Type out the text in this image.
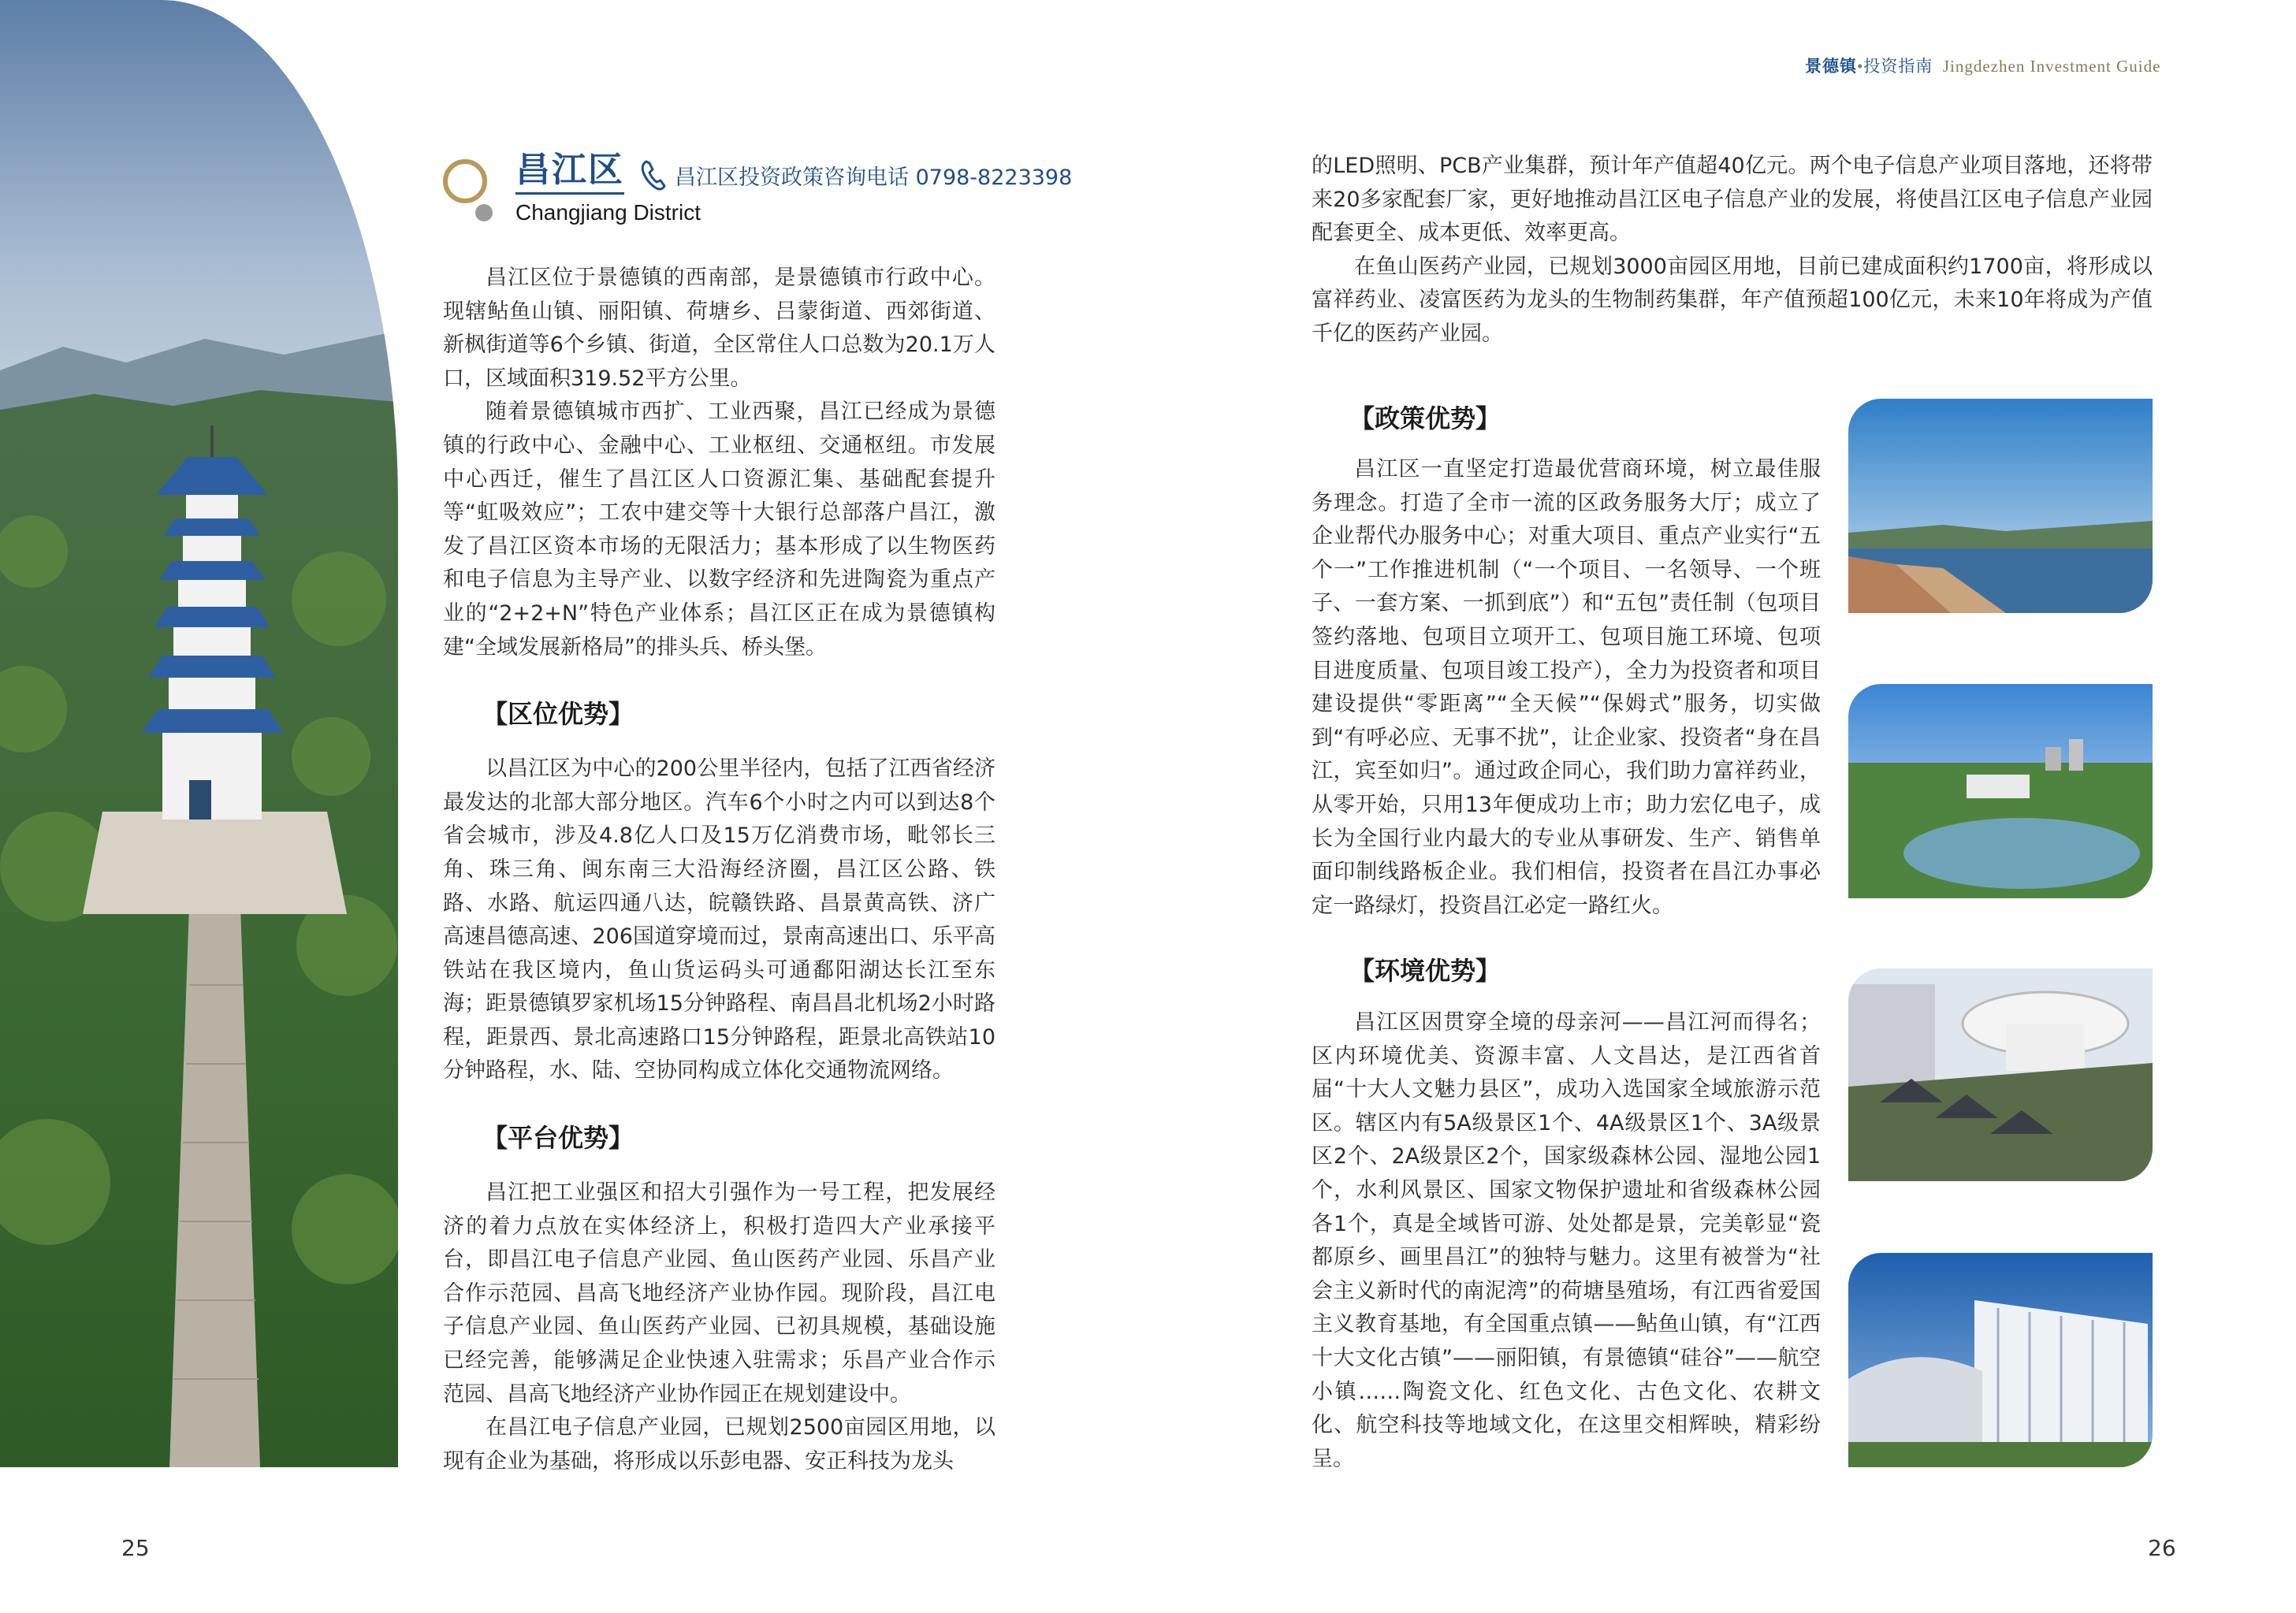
景德镇•投资指南 Jingdezhen Investment Guide
昌江区
Changjiang District
昌江区投资政策咨询电话 0798-8223398

昌江区位于景德镇的西南部，是景德镇市行政中心。现辖鲇鱼山镇、丽阳镇、荷塘乡、吕蒙街道、西郊街道、新枫街道等6个乡镇、街道，全区常住人口总数为20.1万人口，区域面积319.52平方公里。

随着景德镇城市西扩、工业西聚，昌江已经成为景德镇的行政中心、金融中心、工业枢纽、交通枢纽。市发展中心西迁，催生了昌江区人口资源汇集、基础配套提升等“虹吸效应”；工农中建交等十大银行总部落户昌江，激发了昌江区资本市场的无限活力；基本形成了以生物医药和电子信息为主导产业、以数字经济和先进陶瓷为重点产业的“2+2+N”特色产业体系；昌江区正在成为景德镇构建“全域发展新格局”的排头兵、桥头堡。

【区位优势】

以昌江区为中心的200公里半径内，包括了江西省经济最发达的北部大部分地区。汽车6个小时之内可以到达8个省会城市，涉及4.8亿人口及15万亿消费市场，毗邻长三角、珠三角、闽东南三大沿海经济圈，昌江区公路、铁路、水路、航运四通八达，皖赣铁路、昌景黄高铁、济广高速昌德高速、206国道穿境而过，景南高速出口、乐平高铁站在我区境内，鱼山货运码头可通鄱阳湖达长江至东海；距景德镇罗家机场15分钟路程、南昌昌北机场2小时路程，距景西、景北高速路口15分钟路程，距景北高铁站10分钟路程，水、陆、空协同构成立体化交通物流网络。

【平台优势】

昌江把工业强区和招大引强作为一号工程，把发展经济的着力点放在实体经济上，积极打造四大产业承接平台，即昌江电子信息产业园、鱼山医药产业园、乐昌产业合作示范园、昌高飞地经济产业协作园。现阶段，昌江电子信息产业园、鱼山医药产业园、已初具规模，基础设施已经完善，能够满足企业快速入驻需求；乐昌产业合作示范园、昌高飞地经济产业协作园正在规划建设中。

在昌江电子信息产业园，已规划2500亩园区用地，以现有企业为基础，将形成以乐彭电器、安正科技为龙头

的LED照明、PCB产业集群，预计年产值超40亿元。两个电子信息产业项目落地，还将带来20多家配套厂家，更好地推动昌江区电子信息产业的发展，将使昌江区电子信息产业园配套更全、成本更低、效率更高。

在鱼山医药产业园，已规划3000亩园区用地，目前已建成面积约1700亩，将形成以富祥药业、凌富医药为龙头的生物制药集群，年产值预超100亿元，未来10年将成为产值千亿的医药产业园。

【政策优势】

昌江区一直坚定打造最优营商环境，树立最佳服务理念。打造了全市一流的区政务服务大厅；成立了企业帮代办服务中心；对重大项目、重点产业实行“五个一”工作推进机制（“一个项目、一名领导、一个班子、一套方案、一抓到底”）和“五包”责任制（包项目签约落地、包项目立项开工、包项目施工环境、包项目进度质量、包项目竣工投产），全力为投资者和项目建设提供“零距离”“全天候”“保姆式”服务，切实做到“有呼必应、无事不扰”，让企业家、投资者“身在昌江，宾至如归”。通过政企同心，我们助力富祥药业，从零开始，只用13年便成功上市；助力宏亿电子，成长为全国行业内最大的专业从事研发、生产、销售单面印制线路板企业。我们相信，投资者在昌江办事必定一路绿灯，投资昌江必定一路红火。

【环境优势】

昌江区因贯穿全境的母亲河——昌江河而得名；区内环境优美、资源丰富、人文昌达，是江西省首届“十大人文魅力县区”，成功入选国家全域旅游示范区。辖区内有5A级景区1个、4A级景区1个、3A级景区2个、2A级景区2个，国家级森林公园、湿地公园1个，水利风景区、国家文物保护遗址和省级森林公园各1个，真是全域皆可游、处处都是景，完美彰显“瓷都原乡、画里昌江”的独特与魅力。这里有被誉为“社会主义新时代的南泥湾”的荷塘垦殖场，有江西省爱国主义教育基地，有全国重点镇——鲇鱼山镇，有“江西十大文化古镇”——丽阳镇，有景德镇“硅谷”——航空小镇……陶瓷文化、红色文化、古色文化、农耕文化、航空科技等地域文化，在这里交相辉映，精彩纷呈。

25	26
